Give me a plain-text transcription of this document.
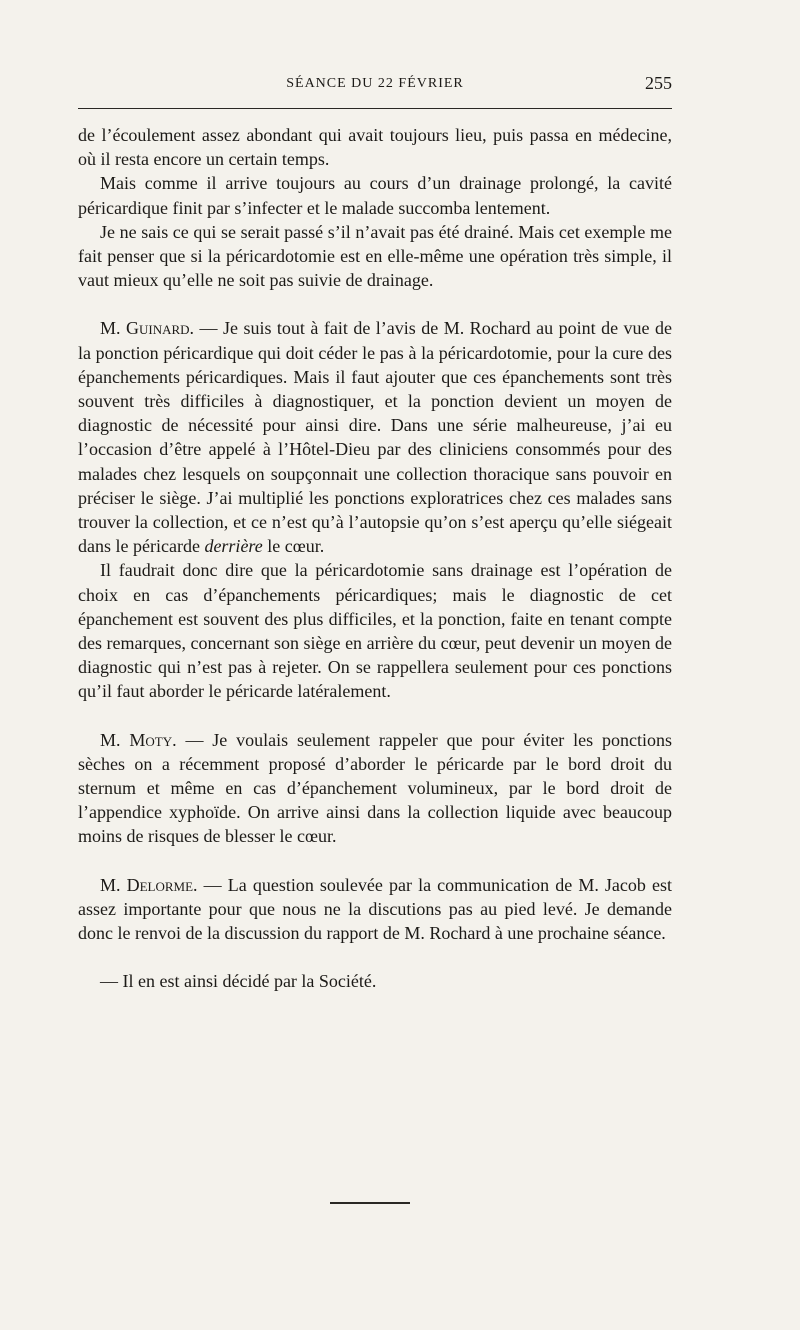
SÉANCE DU 22 FÉVRIER	255

de l’écoulement assez abondant qui avait toujours lieu, puis passa en médecine, où il resta encore un certain temps.

Mais comme il arrive toujours au cours d’un drainage prolongé, la cavité péricardique finit par s’infecter et le malade succomba lentement.

Je ne sais ce qui se serait passé s’il n’avait pas été drainé. Mais cet exemple me fait penser que si la péricardotomie est en elle-même une opération très simple, il vaut mieux qu’elle ne soit pas suivie de drainage.

M. Guinard. — Je suis tout à fait de l’avis de M. Rochard au point de vue de la ponction péricardique qui doit céder le pas à la péricardotomie, pour la cure des épanchements péricardiques. Mais il faut ajouter que ces épanchements sont très souvent très difficiles à diagnostiquer, et la ponction devient un moyen de diagnostic de nécessité pour ainsi dire. Dans une série malheureuse, j’ai eu l’occasion d’être appelé à l’Hôtel-Dieu par des cliniciens consommés pour des malades chez lesquels on soupçonnait une collection thoracique sans pouvoir en préciser le siège. J’ai multiplié les ponctions exploratrices chez ces malades sans trouver la collection, et ce n’est qu’à l’autopsie qu’on s’est aperçu qu’elle siégeait dans le péricarde derrière le cœur.

Il faudrait donc dire que la péricardotomie sans drainage est l’opération de choix en cas d’épanchements péricardiques; mais le diagnostic de cet épanchement est souvent des plus difficiles, et la ponction, faite en tenant compte des remarques, concernant son siège en arrière du cœur, peut devenir un moyen de diagnostic qui n’est pas à rejeter. On se rappellera seulement pour ces ponctions qu’il faut aborder le péricarde latéralement.

M. Moty. — Je voulais seulement rappeler que pour éviter les ponctions sèches on a récemment proposé d’aborder le péricarde par le bord droit du sternum et même en cas d’épanchement volumineux, par le bord droit de l’appendice xyphoïde. On arrive ainsi dans la collection liquide avec beaucoup moins de risques de blesser le cœur.

M. Delorme. — La question soulevée par la communication de M. Jacob est assez importante pour que nous ne la discutions pas au pied levé. Je demande donc le renvoi de la discussion du rapport de M. Rochard à une prochaine séance.

— Il en est ainsi décidé par la Société.
